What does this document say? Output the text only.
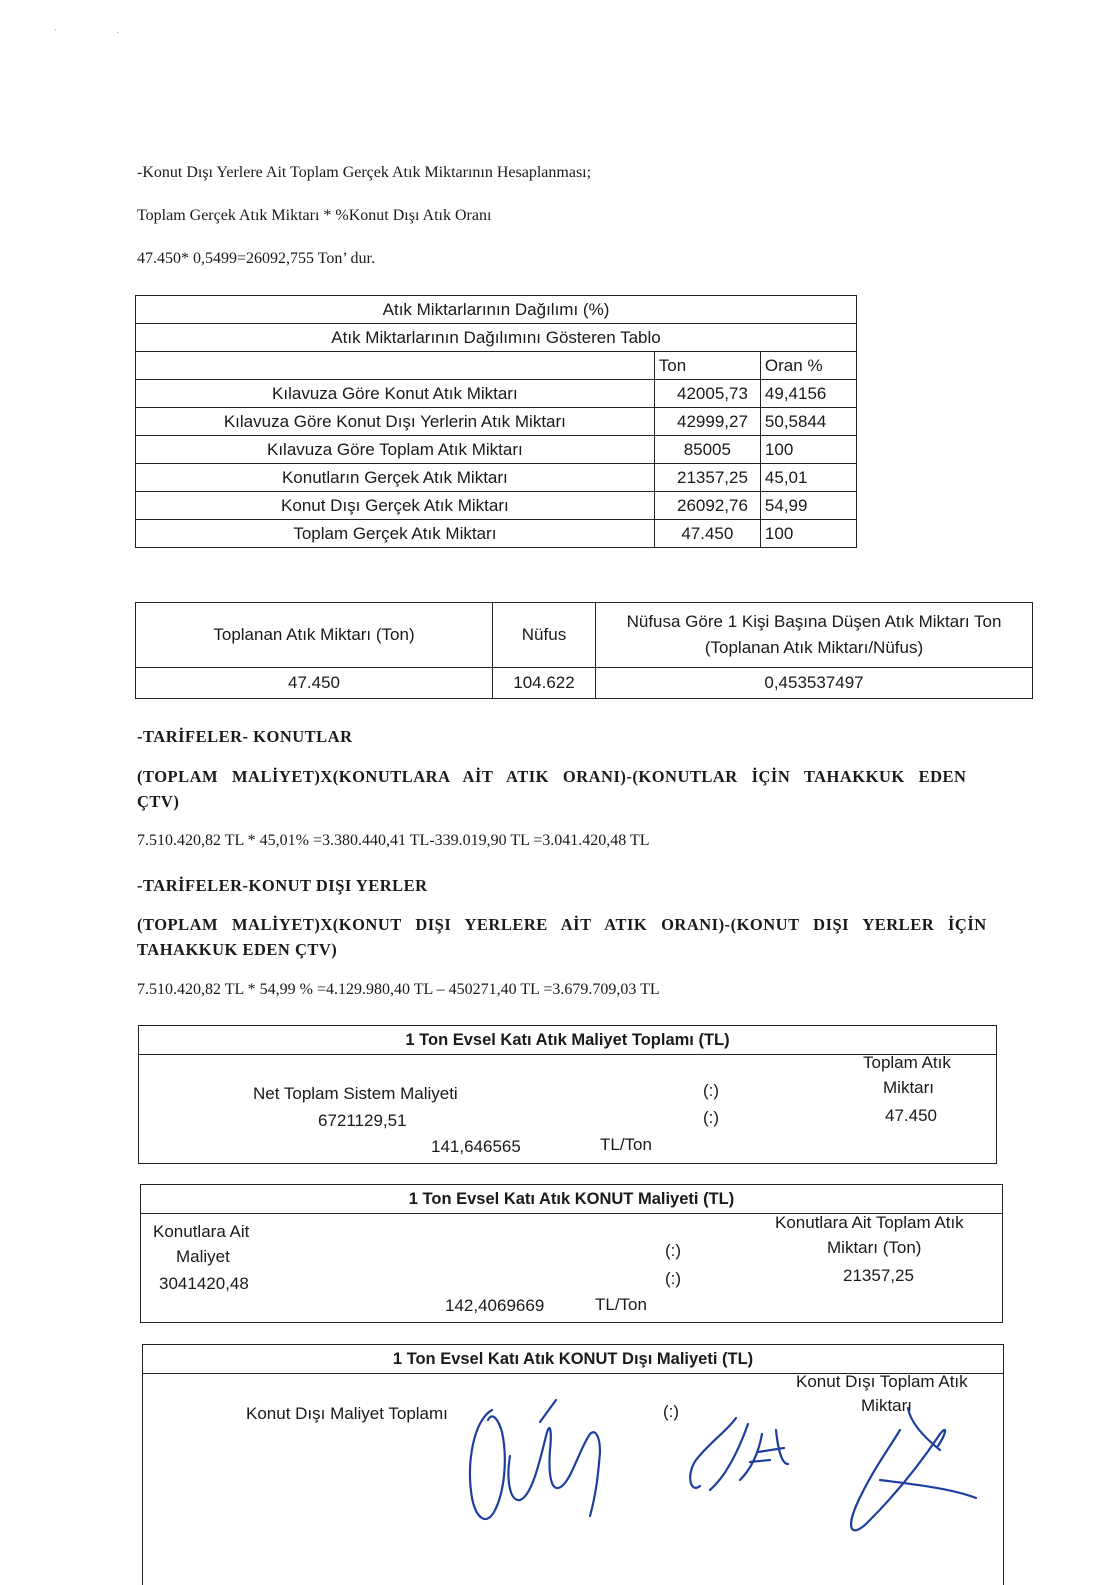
ˈ	·
-Konut Dışı Yerlere Ait Toplam Gerçek Atık Miktarının Hesaplanması;
Toplam Gerçek Atık Miktarı * %Konut Dışı Atık Oranı
47.450* 0,5499=26092,755 Ton’ dur.
Atık Miktarlarının Dağılımı (%)		
Atık Miktarlarının Dağılımını Gösteren Tablo		
	Ton	Oran %
Kılavuza Göre Konut Atık Miktarı	42005,73	49,4156
Kılavuza Göre Konut Dışı Yerlerin Atık Miktarı	42999,27	50,5844
Kılavuza Göre Toplam Atık Miktarı	85005	100
Konutların Gerçek Atık Miktarı	21357,25	45,01
Konut Dışı Gerçek Atık Miktarı	26092,76	54,99
Toplam Gerçek Atık Miktarı	47.450	100
Toplanan Atık Miktarı (Ton)	Nüfus	Nüfusa Göre 1 Kişi Başına Düşen Atık Miktarı Ton
(Toplanan Atık Miktarı/Nüfus)

47.450	104.622	0,453537497
-TARİFELER- KONUTLAR
(TOPLAM   MALİYET)X(KONUTLARA   AİT   ATIK   ORANI)-(KONUTLAR   İÇİN   TAHAKKUK   EDEN
ÇTV)
7.510.420,82 TL * 45,01% =3.380.440,41 TL-339.019,90 TL =3.041.420,48 TL
-TARİFELER-KONUT DIŞI YERLER
(TOPLAM   MALİYET)X(KONUT   DIŞI   YERLERE   AİT   ATIK   ORANI)-(KONUT   DIŞI   YERLER   İÇİN
TAHAKKUK EDEN ÇTV)
7.510.420,82 TL * 54,99 % =4.129.980,40 TL – 450271,40 TL =3.679.709,03 TL
1 Ton Evsel Katı Atık Maliyet Toplamı (TL)
Net Toplam Sistem Maliyeti
6721129,51
(:)
(:)
Toplam Atık
Miktarı
47.450
141,646565	TL/Ton
1 Ton Evsel Katı Atık KONUT Maliyeti (TL)
Konutlara Ait
Maliyet
3041420,48
(:)
(:)
Konutlara Ait Toplam Atık
Miktarı (Ton)
21357,25
142,4069669	TL/Ton
1 Ton Evsel Katı Atık KONUT Dışı Maliyeti (TL)
Konut Dışı Maliyet Toplamı	(:)
Konut Dışı Toplam Atık
Miktarı
